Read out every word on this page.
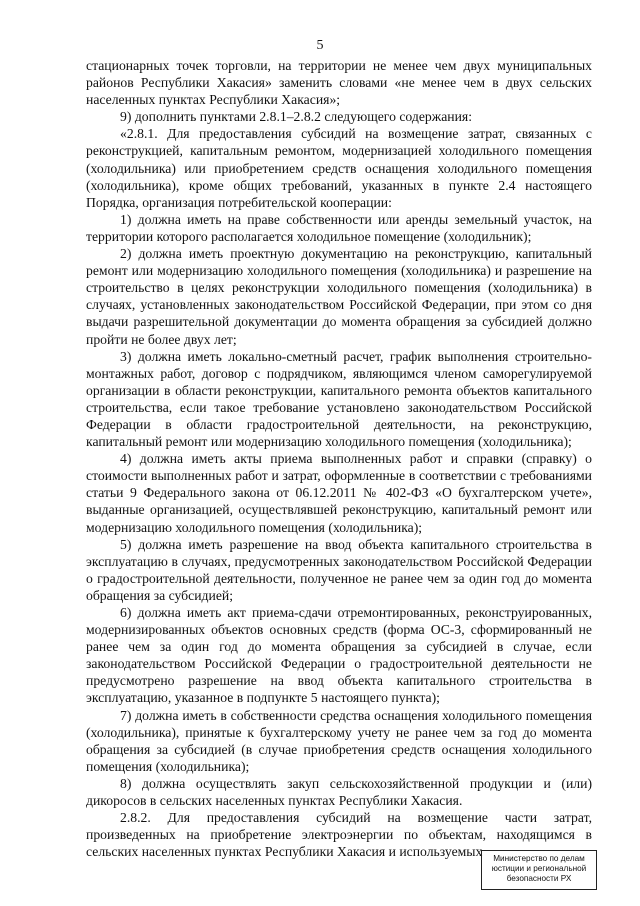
5

стационарных точек торговли, на территории не менее чем двух муниципальных районов Республики Хакасия» заменить словами «не менее чем в двух сельских населенных пунктах Республики Хакасия»;

9) дополнить пунктами 2.8.1–2.8.2 следующего содержания:

«2.8.1. Для предоставления субсидий на возмещение затрат, связанных с реконструкцией, капитальным ремонтом, модернизацией холодильного помещения (холодильника) или приобретением средств оснащения холодильного помещения (холодильника), кроме общих требований, указанных в пункте 2.4 настоящего Порядка, организация потребительской кооперации:

1) должна иметь на праве собственности или аренды земельный участок, на территории которого располагается холодильное помещение (холодильник);

2) должна иметь проектную документацию на реконструкцию, капитальный ремонт или модернизацию холодильного помещения (холодильника) и разрешение на строительство в целях реконструкции холодильного помещения (холодильника) в случаях, установленных законодательством Российской Федерации, при этом со дня выдачи разрешительной документации до момента обращения за субсидией должно пройти не более двух лет;

3) должна иметь локально-сметный расчет, график выполнения строительно-монтажных работ, договор с подрядчиком, являющимся членом саморегулируемой организации в области реконструкции, капитального ремонта объектов капитального строительства, если такое требование установлено законодательством Российской Федерации в области градостроительной деятельности, на реконструкцию, капитальный ремонт или модернизацию холодильного помещения (холодильника);

4) должна иметь акты приема выполненных работ и справки (справку) о стоимости выполненных работ и затрат, оформленные в соответствии с требованиями статьи 9 Федерального закона от 06.12.2011 № 402-ФЗ «О бухгалтерском учете», выданные организацией, осуществлявшей реконструкцию, капитальный ремонт или модернизацию холодильного помещения (холодильника);

5) должна иметь разрешение на ввод объекта капитального строительства в эксплуатацию в случаях, предусмотренных законодательством Российской Федерации о градостроительной деятельности, полученное не ранее чем за один год до момента обращения за субсидией;

6) должна иметь акт приема-сдачи отремонтированных, реконструированных, модернизированных объектов основных средств (форма ОС-3, сформированный не ранее чем за один год до момента обращения за субсидией в случае, если законодательством Российской Федерации о градостроительной деятельности не предусмотрено разрешение на ввод объекта капитального строительства в эксплуатацию, указанное в подпункте 5 настоящего пункта);

7) должна иметь в собственности средства оснащения холодильного помещения (холодильника), принятые к бухгалтерскому учету не ранее чем за год до момента обращения за субсидией (в случае приобретения средств оснащения холодильного помещения (холодильника);

8) должна осуществлять закуп сельскохозяйственной продукции и (или) дикоросов в сельских населенных пунктах Республики Хакасия.

2.8.2. Для предоставления субсидий на возмещение части затрат, произведенных на приобретение электроэнергии по объектам, находящимся в сельских населенных пунктах Республики Хакасия и используемых	Министерство по делам
юстиции и региональной
безопасности РХ
